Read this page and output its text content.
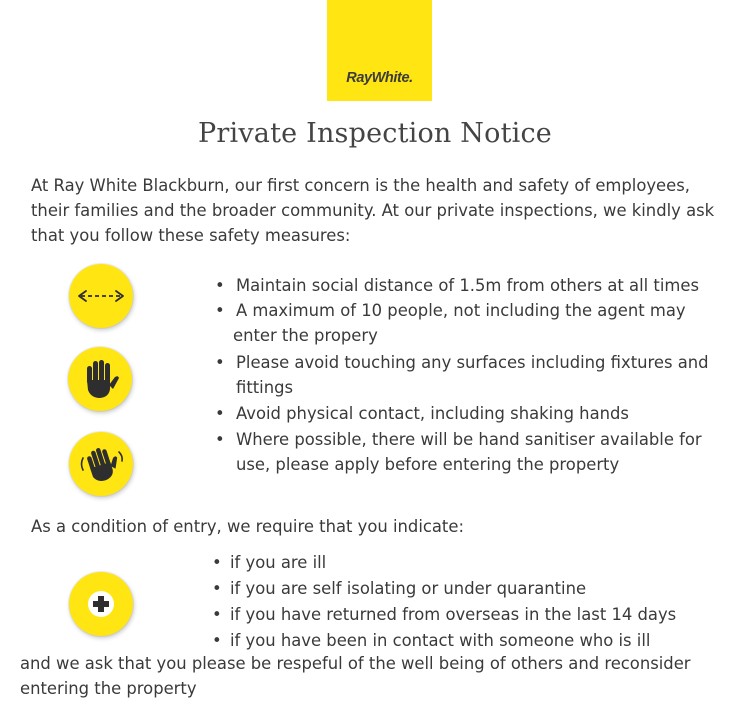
RayWhite.
Private Inspection Notice
At Ray White Blackburn, our first concern is the health and safety of employees,
their families and the broader community. At our private inspections, we kindly ask
that you follow these safety measures:
• Maintain social distance of 1.5m from others at all times
• A maximum of 10 people, not including the agent may
enter the propery
• Please avoid touching any surfaces including fixtures and
fittings
• Avoid physical contact, including shaking hands
• Where possible, there will be hand sanitiser available for
use, please apply before entering the property
As a condition of entry, we require that you indicate:
• if you are ill
• if you are self isolating or under quarantine
• if you have returned from overseas in the last 14 days
• if you have been in contact with someone who is ill
and we ask that you please be respeful of the well being of others and reconsider
entering the property
